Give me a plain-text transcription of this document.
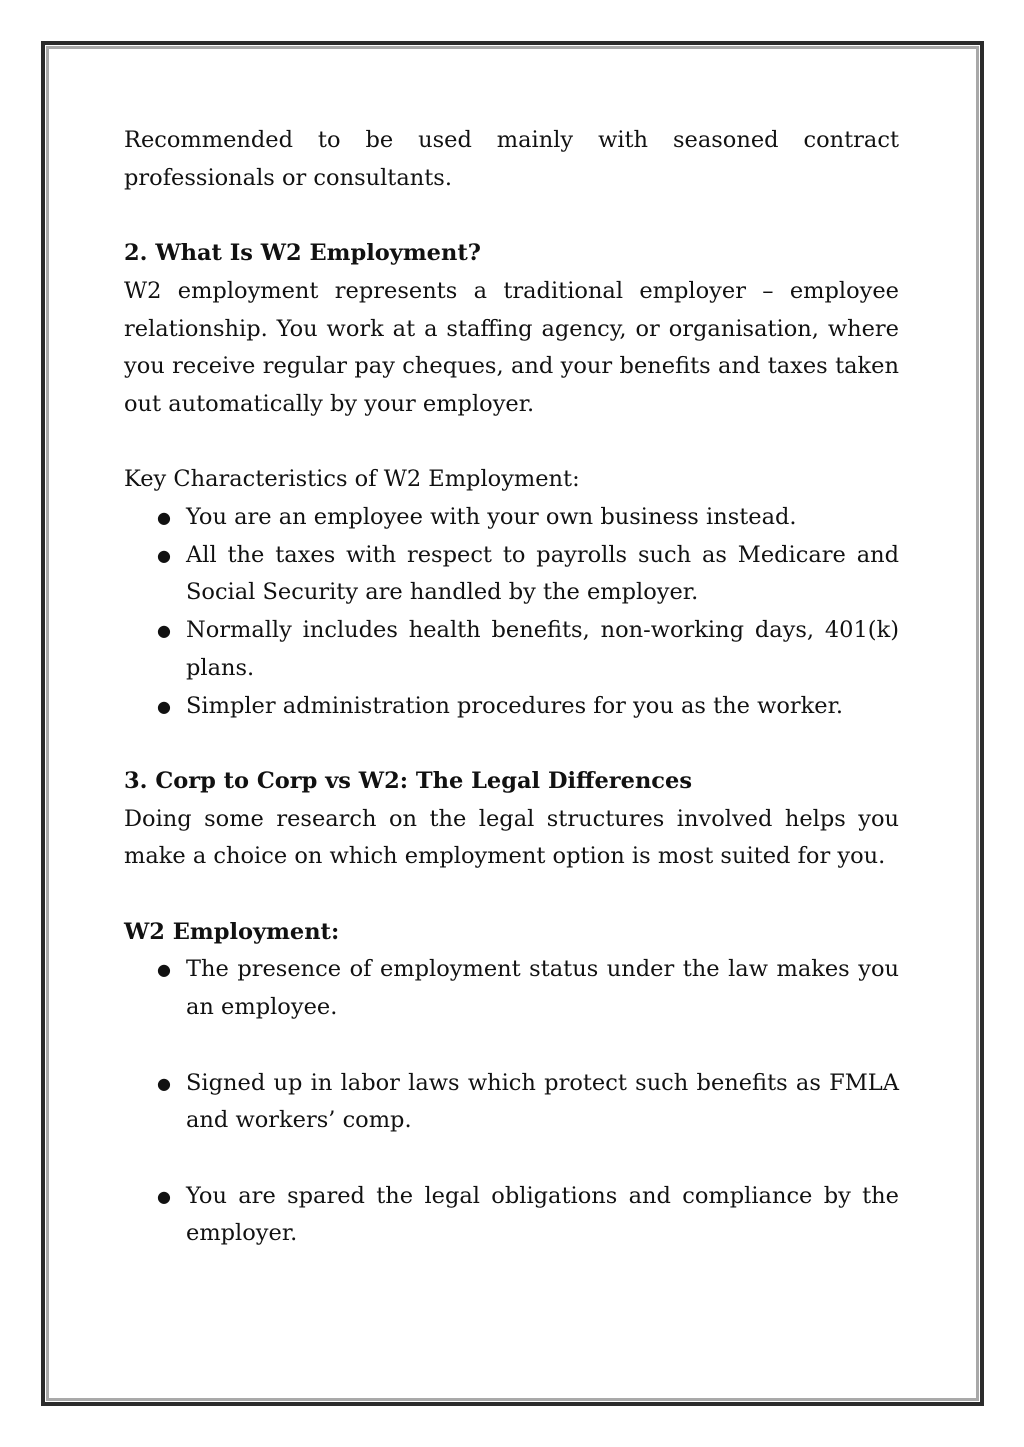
Recommended to be used mainly with seasoned contract professionals or consultants.

2. What Is W2 Employment?

W2 employment represents a traditional employer – employee relationship. You work at a staffing agency, or organisation, where you receive regular pay cheques, and your benefits and taxes taken out automatically by your employer.

Key Characteristics of W2 Employment:

● You are an employee with your own business instead.
● All the taxes with respect to payrolls such as Medicare and Social Security are handled by the employer.
● Normally includes health benefits, non-working days, 401(k) plans.
● Simpler administration procedures for you as the worker.

3. Corp to Corp vs W2: The Legal Differences

Doing some research on the legal structures involved helps you make a choice on which employment option is most suited for you.

W2 Employment:

● The presence of employment status under the law makes you an employee.
● Signed up in labor laws which protect such benefits as FMLA and workers’ comp.
● You are spared the legal obligations and compliance by the employer.
